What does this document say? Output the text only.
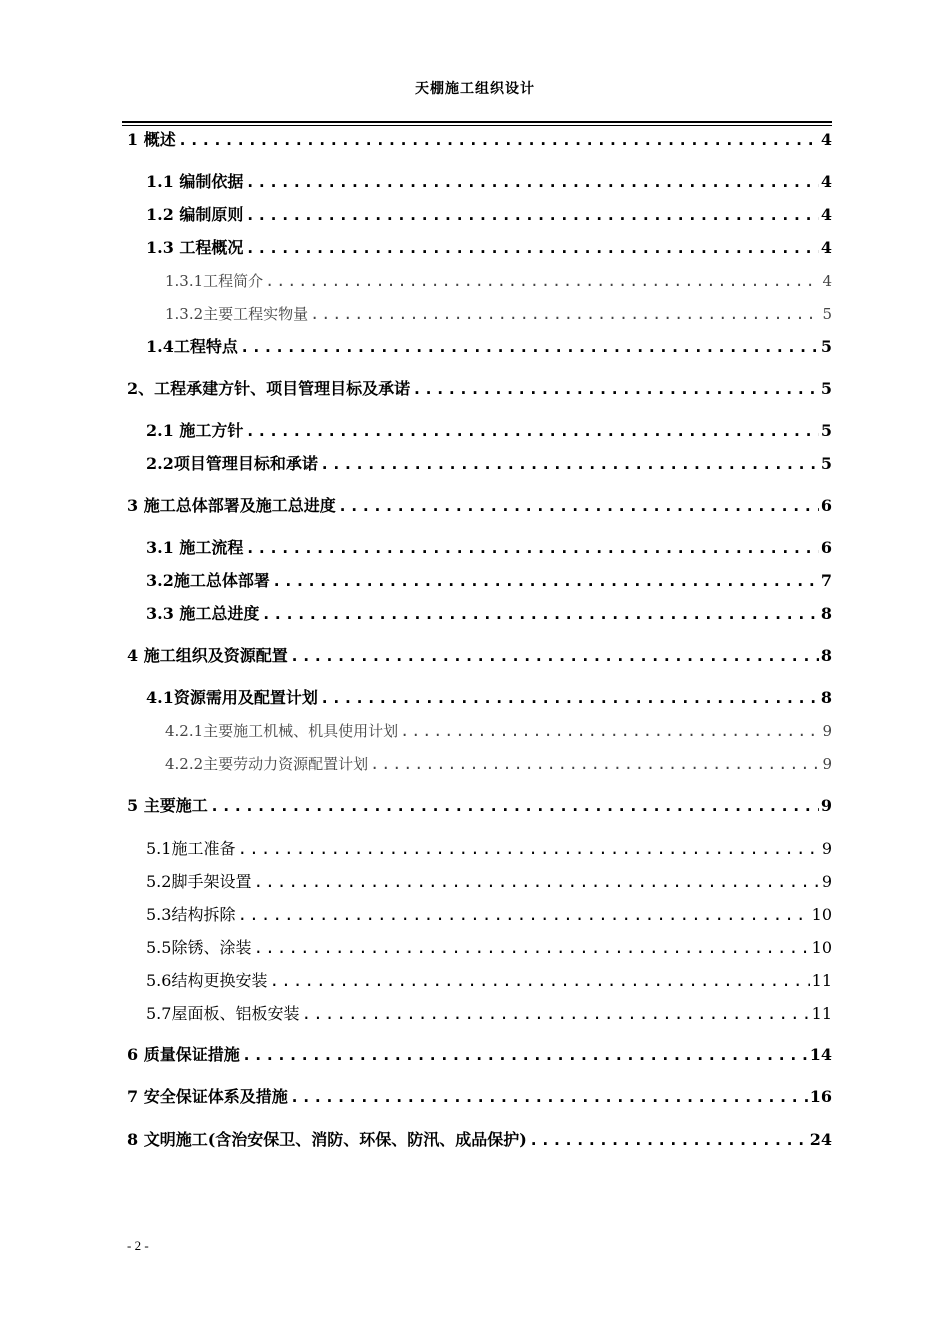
天棚施工组织设计
1 概述 .....	4
1.1 编制依据 .....	4
1.2 编制原则 .....	4
1.3 工程概况 .....	4
1.3.1工程简介 .....	4
1.3.2主要工程实物量 .....	5
1.4工程特点 .....	5
2、工程承建方针、项目管理目标及承诺 .....	5
2.1 施工方针 .....	5
2.2项目管理目标和承诺 .....	5
3 施工总体部署及施工总进度 .....	6
3.1 施工流程 .....	6
3.2施工总体部署 .....	7
3.3 施工总进度 .....	8
4 施工组织及资源配置 .....	8
4.1资源需用及配置计划 .....	8
4.2.1主要施工机械、机具使用计划 .....	9
4.2.2主要劳动力资源配置计划 .....	9
5 主要施工 .....	9
5.1施工准备 .....	9
5.2脚手架设置 .....	9
5.3结构拆除 .....	10
5.5除锈、涂装 .....	10
5.6结构更换安装 .....	11
5.7屋面板、铝板安装 .....	11
6 质量保证措施 .....	14
7 安全保证体系及措施 .....	16
8 文明施工(含治安保卫、消防、环保、防汛、成品保护) .....	24
- 2 -
